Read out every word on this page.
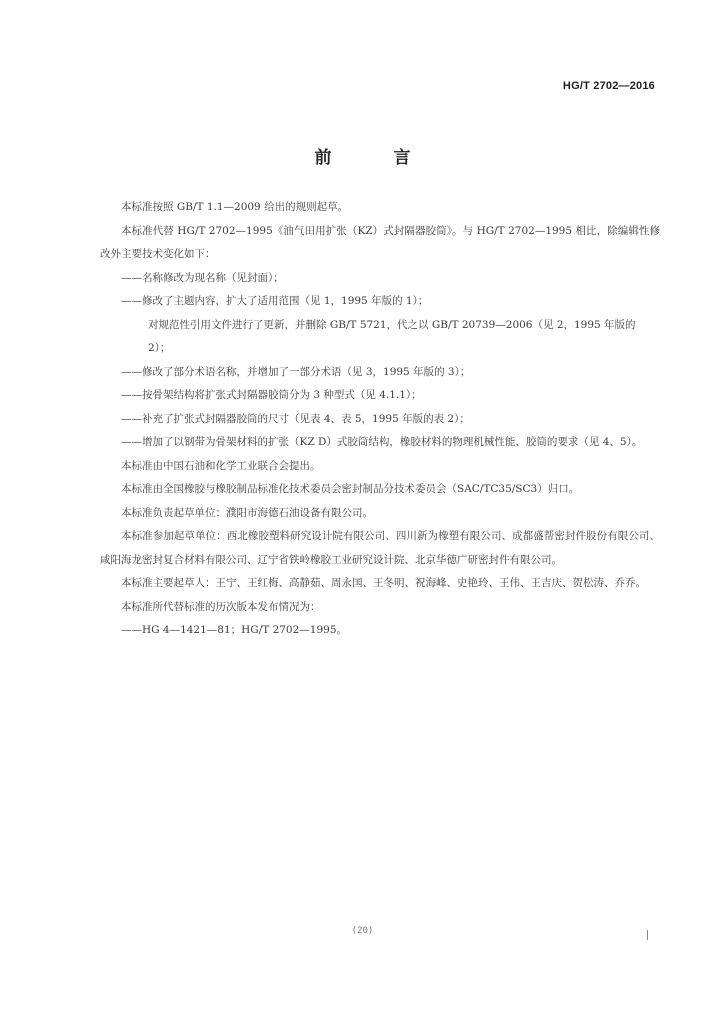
HG/T 2702—2016
前 言

本标准按照 GB/T 1.1—2009 给出的规则起草。

本标准代替 HG/T 2702—1995《油气田用扩张（KZ）式封隔器胶筒》。与 HG/T 2702—1995 相比，除编辑性修改外主要技术变化如下：

——名称修改为现名称（见封面）；

——修改了主题内容，扩大了适用范围（见 1，1995 年版的 1）；

对规范性引用文件进行了更新，并删除 GB/T 5721，代之以 GB/T 20739—2006（见 2，1995 年版的 2）；

——修改了部分术语名称，并增加了一部分术语（见 3，1995 年版的 3）；

——按骨架结构将扩张式封隔器胶筒分为 3 种型式（见 4.1.1）；

——补充了扩张式封隔器胶筒的尺寸（见表 4、表 5，1995 年版的表 2）；

——增加了以钢带为骨架材料的扩张（KZ D）式胶筒结构，橡胶材料的物理机械性能、胶筒的要求（见 4、5）。

本标准由中国石油和化学工业联合会提出。

本标准由全国橡胶与橡胶制品标准化技术委员会密封制品分技术委员会（SAC/TC35/SC3）归口。

本标准负责起草单位：濮阳市海德石油设备有限公司。

本标准参加起草单位：西北橡胶塑料研究设计院有限公司、四川新为橡塑有限公司、成都盛帮密封件股份有限公司、咸阳海龙密封复合材料有限公司、辽宁省铁岭橡胶工业研究设计院、北京华德广研密封件有限公司。

本标准主要起草人：王宁、王红梅、高静茹、周永国、王冬明、祝海峰、史艳玲、王伟、王吉庆、贺松涛、乔乔。

本标准所代替标准的历次版本发布情况为：

——HG 4—1421—81；HG/T 2702—1995。

(20)
